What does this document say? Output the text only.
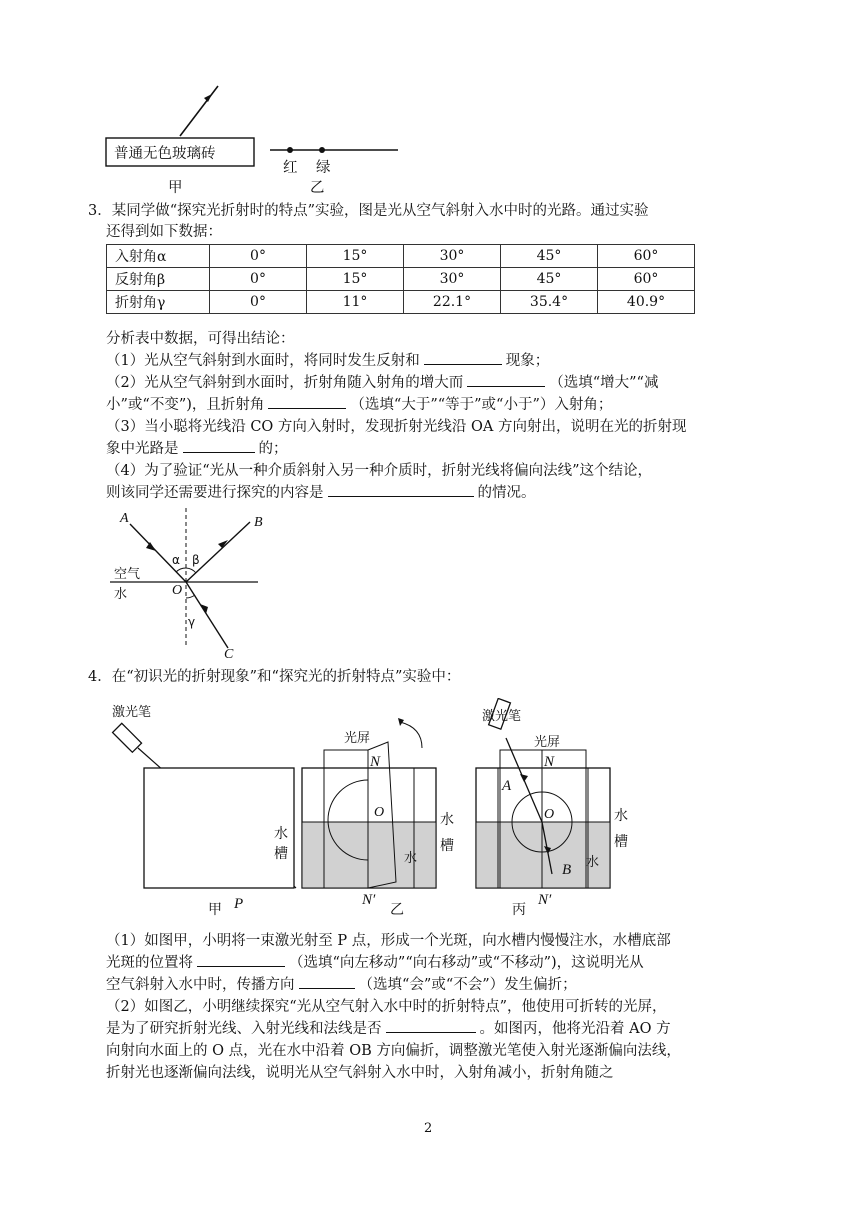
普通无色玻璃砖
甲
红 绿
乙
3．某同学做“探究光折射时的特点”实验，图是光从空气斜射入水中时的光路。通过实验
还得到如下数据：
入射角α	0°	15°	30°	45°	60°
反射角β	0°	15°	30°	45°	60°
折射角γ	0°	11°	22.1°	35.4°	40.9°
分析表中数据，可得出结论：
（1）光从空气斜射到水面时，将同时发生反射和	现象；
（2）光从空气斜射到水面时，折射角随入射角的增大而	（选填“增大”“减
小”或“不变”)，且折射角	（选填“大于”“等于”或“小于”）入射角；
（3）当小聪将光线沿 CO 方向入射时，发现折射光线沿 OA 方向射出，说明在光的折射现
象中光路是	的；
（4）为了验证“光从一种介质斜射入另一种介质时，折射光线将偏向法线”这个结论，
则该同学还需要进行探究的内容是	的情况。
A	B
C
O
α β
γ
空气
水
4．在“初识光的折射现象”和“探究光的折射特点”实验中：
激光笔
水
槽
P
甲
光屏
N
O
水
水
槽
N′
乙
激光笔
光屏
N
A
O
水
B
水
槽
N′
丙
（1）如图甲，小明将一束激光射至 P 点，形成一个光斑，向水槽内慢慢注水，水槽底部
光斑的位置将	（选填“向左移动”“向右移动”或“不移动”)，这说明光从
空气斜射入水中时，传播方向	（选填“会”或“不会”）发生偏折；
（2）如图乙，小明继续探究“光从空气射入水中时的折射特点”，他使用可折转的光屏，
是为了研究折射光线、入射光线和法线是否	。如图丙，他将光沿着 AO 方
向射向水面上的 O 点，光在水中沿着 OB 方向偏折，调整激光笔使入射光逐渐偏向法线，
折射光也逐渐偏向法线，说明光从空气斜射入水中时，入射角减小，折射角随之
2
